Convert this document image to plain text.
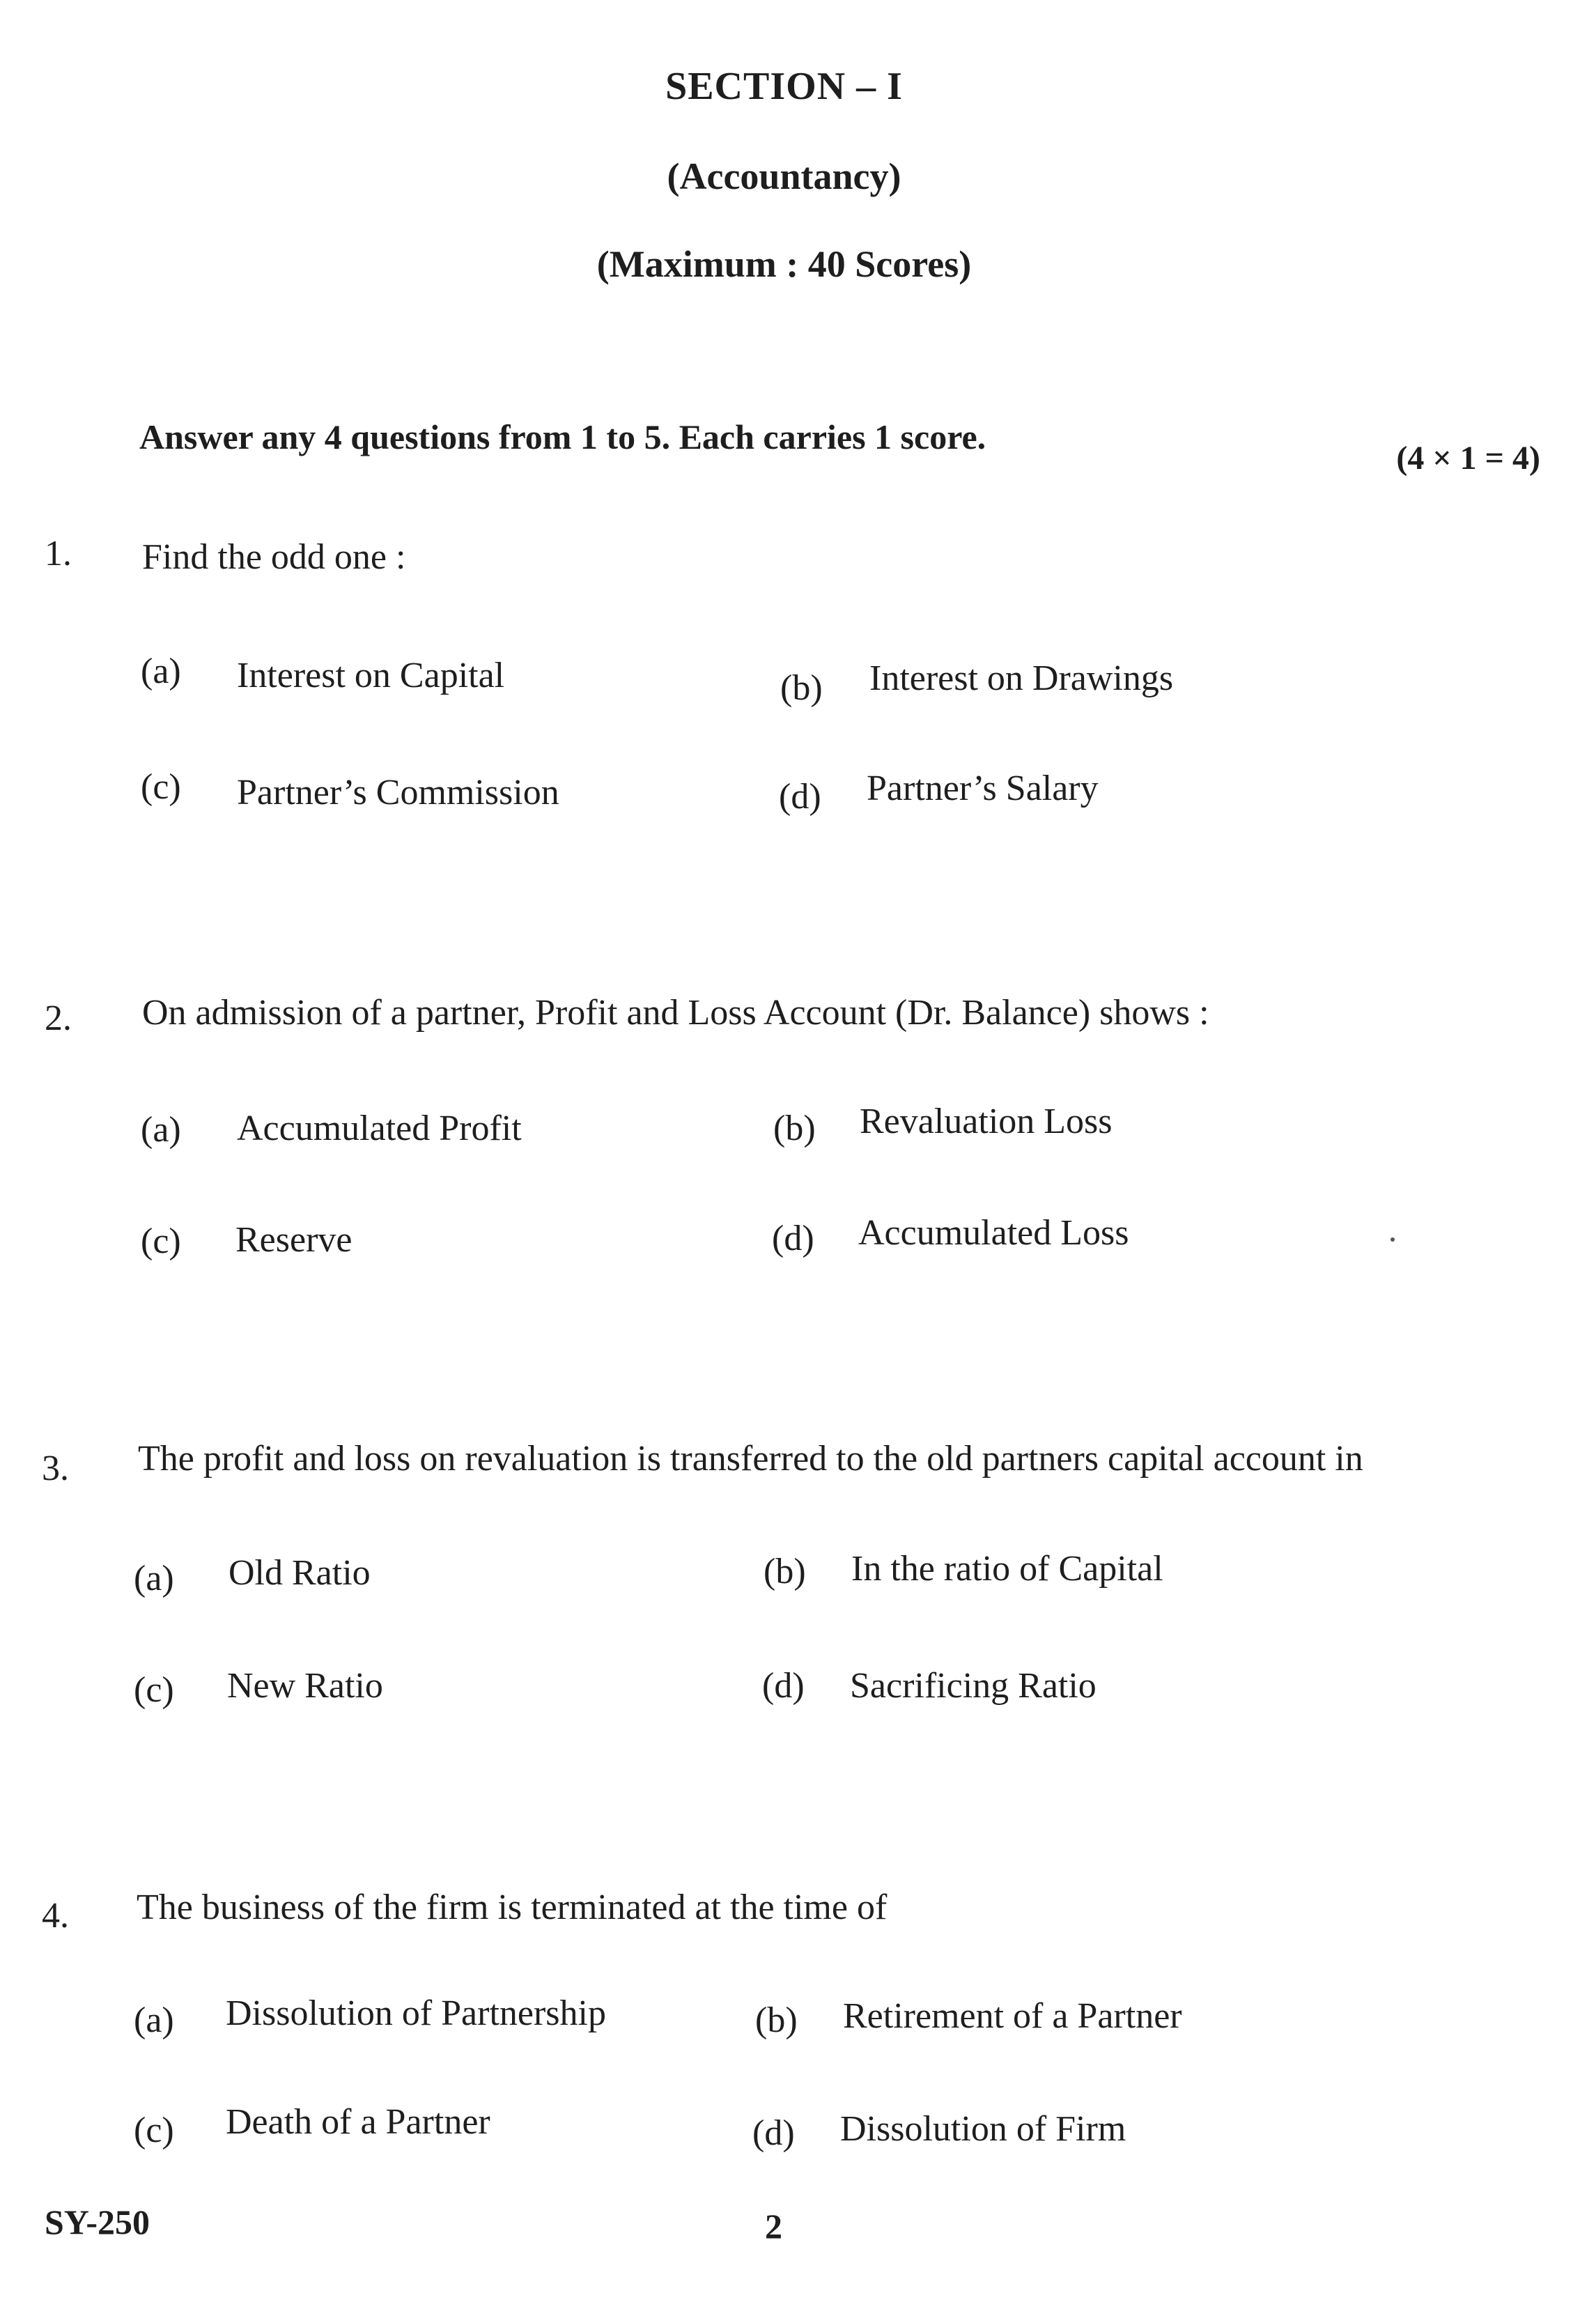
SECTION – I
(Accountancy)
(Maximum : 40 Scores)
Answer any 4 questions from 1 to 5. Each carries 1 score.
(4 × 1 = 4)
1. Find the odd one :
(a) Interest on Capital	(b) Interest on Drawings
(c) Partner’s Commission	(d) Partner’s Salary
2. On admission of a partner, Profit and Loss Account (Dr. Balance) shows :
(a) Accumulated Profit	(b) Revaluation Loss
(c) Reserve	(d) Accumulated Loss
3. The profit and loss on revaluation is transferred to the old partners capital account in
(a) Old Ratio	(b) In the ratio of Capital
(c) New Ratio	(d) Sacrificing Ratio
4. The business of the firm is terminated at the time of
(a) Dissolution of Partnership	(b) Retirement of a Partner
(c) Death of a Partner	(d) Dissolution of Firm
SY-250	2
